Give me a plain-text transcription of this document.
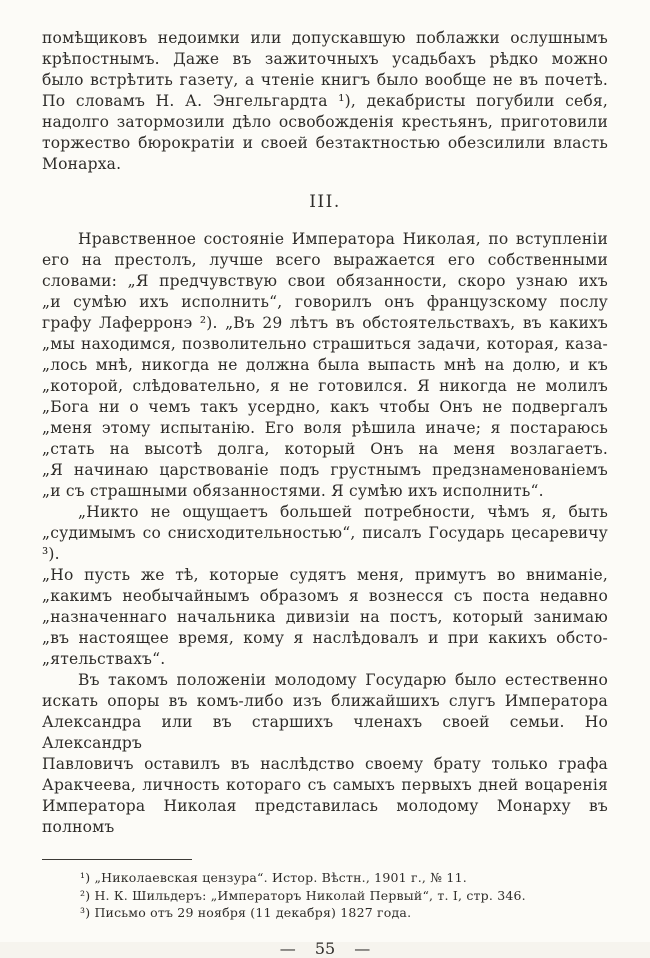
помѣщиковъ недоимки или допускавшую поблажки ослушнымъ
крѣпостнымъ. Даже въ зажиточныхъ усадьбахъ рѣдко можно
было встрѣтить газету, а чтеніе книгъ было вообще не въ почетѣ.
По словамъ Н. А. Энгельгардта ¹), декабристы погубили себя,
надолго затормозили дѣло освобожденія крестьянъ, приготовили
торжество бюрократіи и своей безтактностью обезсилили власть
Монарха.
III.
Нравственное состояніе Императора Николая, по вступленіи
его на престолъ, лучше всего выражается его собственными
словами: „Я предчувствую свои обязанности, скоро узнаю ихъ
„и сумѣю ихъ исполнить“, говорилъ онъ французскому послу
графу Лаферронэ ²). „Въ 29 лѣтъ въ обстоятельствахъ, въ какихъ
„мы находимся, позволительно страшиться задачи, которая, каза-
„лось мнѣ, никогда не должна была выпасть мнѣ на долю, и къ
„которой, слѣдовательно, я не готовился. Я никогда не молилъ
„Бога ни о чемъ такъ усердно, какъ чтобы Онъ не подвергалъ
„меня этому испытанію. Его воля рѣшила иначе; я постараюсь
„стать на высотѣ долга, который Онъ на меня возлагаетъ.
„Я начинаю царствованіе подъ грустнымъ предзнаменованіемъ
„и съ страшными обязанностями. Я сумѣю ихъ исполнить“.
„Никто не ощущаетъ большей потребности, чѣмъ я, быть
„судимымъ со снисходительностью“, писалъ Государь цесаревичу ³).
„Но пусть же тѣ, которые судятъ меня, примутъ во вниманіе,
„какимъ необычайнымъ образомъ я вознесся съ поста недавно
„назначеннаго начальника дивизіи на постъ, который занимаю
„въ настоящее время, кому я наслѣдовалъ и при какихъ обсто-
„ятельствахъ“.
Въ такомъ положеніи молодому Государю было естественно
искать опоры въ комъ-либо изъ ближайшихъ слугъ Императора
Александра или въ старшихъ членахъ своей семьи. Но Александръ
Павловичъ оставилъ въ наслѣдство своему брату только графа
Аракчеева, личность котораго съ самыхъ первыхъ дней воцаренія
Императора Николая представилась молодому Монарху въ полномъ
¹) „Николаевская цензура“. Истор. Вѣстн., 1901 г., № 11.
²) Н. К. Шильдеръ: „Императоръ Николай Первый“, т. I, стр. 346.
³) Письмо отъ 29 ноября (11 декабря) 1827 года.
— 55 —
